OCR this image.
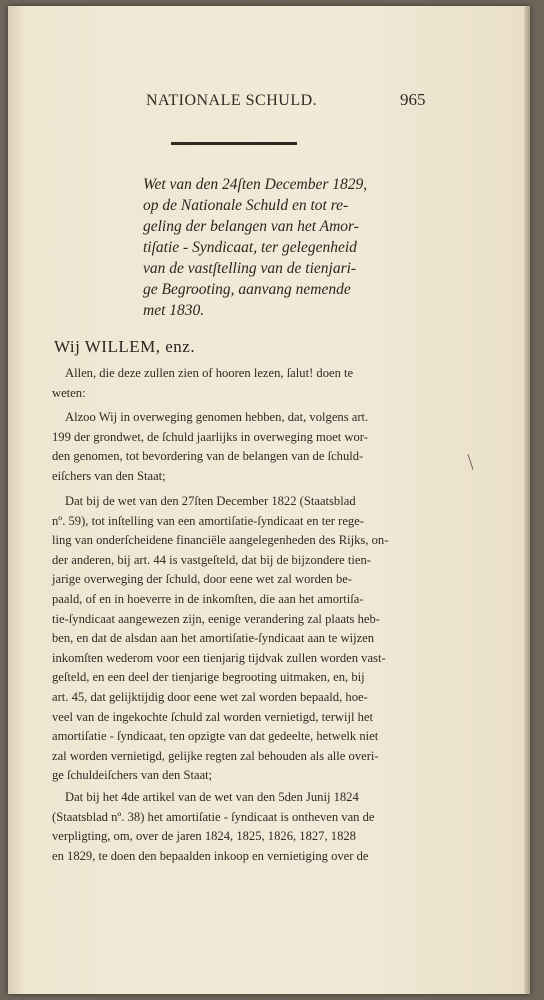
NATIONALE SCHULD.	965
Wet van den 24ſten December 1829,
op de Nationale Schuld en tot re-
geling der belangen van het Amor-
tiſatie - Syndicaat, ter gelegenheid
van de vastſtelling van de tienjari-
ge Begrooting, aanvang nemende
met 1830.
Wij WILLEM, enz.
Allen, die deze zullen zien of hooren lezen, ſalut! doen te
weten:
Alzoo Wij in overweging genomen hebben, dat, volgens art.
199 der grondwet, de ſchuld jaarlijks in overweging moet wor-
den genomen, tot bevordering van de belangen van de ſchuld-
eiſchers van den Staat;
Dat bij de wet van den 27ſten December 1822 (Staatsblad
nº. 59), tot inſtelling van een amortiſatie-ſyndicaat en ter rege-
ling van onderſcheidene financiële aangelegenheden des Rijks, on-
der anderen, bij art. 44 is vastgeſteld, dat bij de bijzondere tien-
jarige overweging der ſchuld, door eene wet zal worden be-
paald, of en in hoeverre in de inkomſten, die aan het amortiſa-
tie-ſyndicaat aangewezen zijn, eenige verandering zal plaats heb-
ben, en dat de alsdan aan het amortiſatie-ſyndicaat aan te wijzen
inkomſten wederom voor een tienjarig tijdvak zullen worden vast-
geſteld, en een deel der tienjarige begrooting uitmaken, en, bij
art. 45, dat gelijktijdig door eene wet zal worden bepaald, hoe-
veel van de ingekochte ſchuld zal worden vernietigd, terwijl het
amortiſatie - ſyndicaat, ten opzigte van dat gedeelte, hetwelk niet
zal worden vernietigd, gelijke regten zal behouden als alle overi-
ge ſchuldeiſchers van den Staat;
Dat bij het 4de artikel van de wet van den 5den Junij 1824
(Staatsblad nº. 38) het amortiſatie - ſyndicaat is ontheven van de
verpligting, om, over de jaren 1824, 1825, 1826, 1827, 1828
en 1829, te doen den bepaalden inkoop en vernietiging over de
